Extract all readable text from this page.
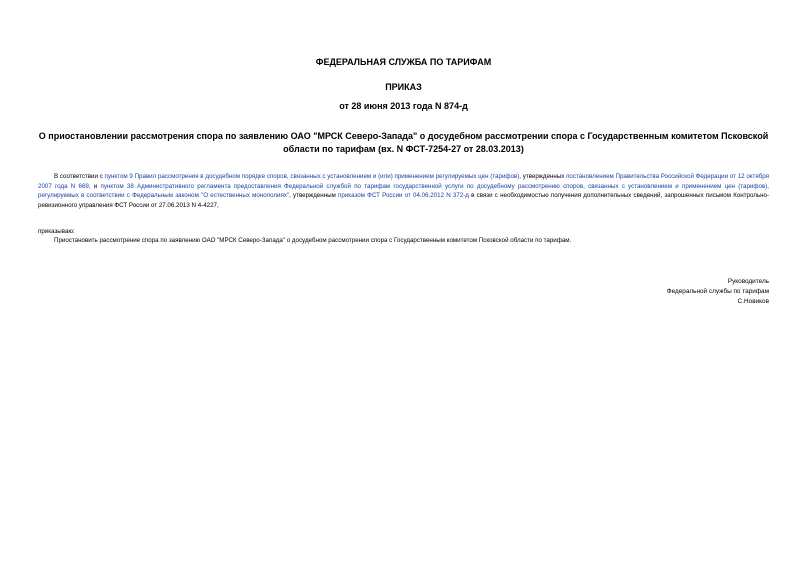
ФЕДЕРАЛЬНАЯ СЛУЖБА ПО ТАРИФАМ
ПРИКАЗ
от 28 июня 2013 года N 874-д
О приостановлении рассмотрения спора по заявлению ОАО "МРСК Северо-Запада" о досудебном рассмотрении спора с Государственным комитетом Псковской области по тарифам (вх. N ФСТ-7254-27 от 28.03.2013)

В соответствии с пунктом 9 Правил рассмотрения в досудебном порядке споров, связанных с установлением и (или) применением регулируемых цен (тарифов), утвержденных постановлением Правительства Российской Федерации от 12 октября 2007 года N 669, и пунктом 38 Административного регламента предоставления Федеральной службой по тарифам государственной услуги по досудебному рассмотрению споров, связанных с установлением и применением цен (тарифов), регулируемых в соответствии с Федеральным законом "О естественных монополиях", утвержденным приказом ФСТ России от 04.06.2012 N 372-д в связи с необходимостью получения дополнительных сведений, запрошенных письмом Контрольно-ревизионного управления ФСТ России от 27.06.2013 N 4-4227,

приказываю:

Приостановить рассмотрение спора по заявлению ОАО "МРСК Северо-Запада" о досудебном рассмотрении спора с Государственным комитетом Псковской области по тарифам.

Руководитель
Федеральной службы по тарифам
С.Новиков
